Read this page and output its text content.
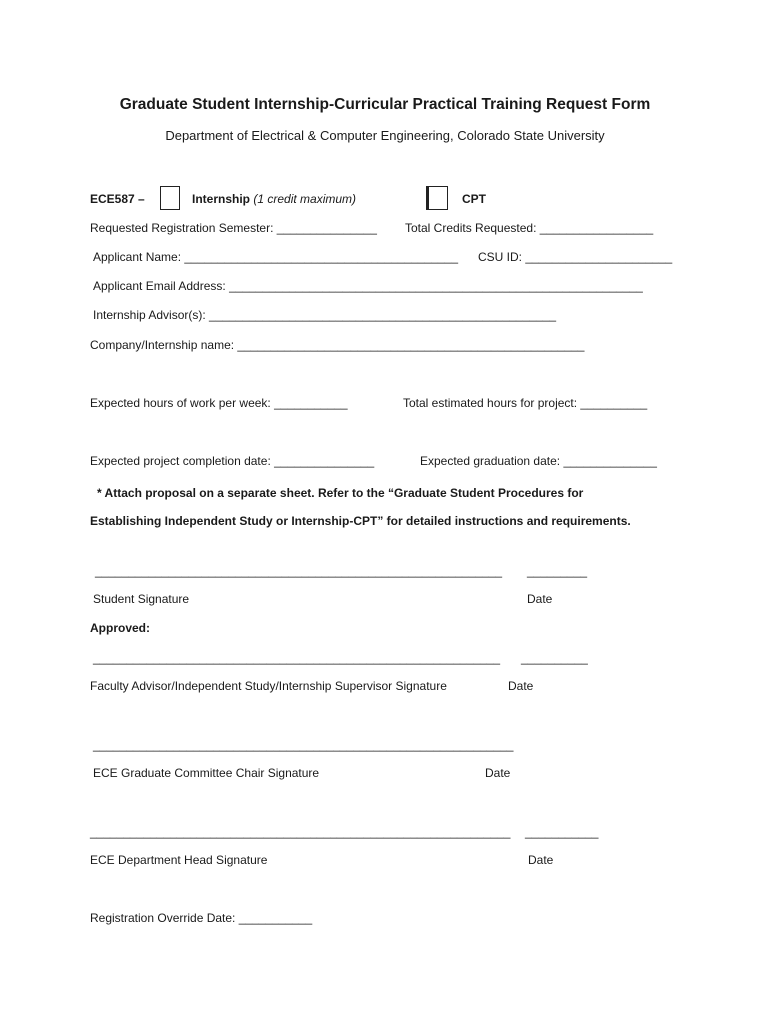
Graduate Student Internship-Curricular Practical Training Request Form
Department of Electrical & Computer Engineering, Colorado State University
ECE587 –	Internship (1 credit maximum)	CPT
Requested Registration Semester: _______________ Total Credits Requested: _________________
Applicant Name: _________________________________________ CSU ID: ______________________
Applicant Email Address: ______________________________________________________________
Internship Advisor(s): ____________________________________________________
Company/Internship name: ____________________________________________________
Expected hours of work per week: ___________	Total estimated hours for project: __________
Expected project completion date: _______________	Expected graduation date: ______________
* Attach proposal on a separate sheet. Refer to the “Graduate Student Procedures for
Establishing Independent Study or Internship-CPT” for detailed instructions and requirements.
_____________________________________________________________ _________
Student Signature	Date
Approved:
_____________________________________________________________ __________
Faculty Advisor/Independent Study/Internship Supervisor Signature	Date
_______________________________________________________________
ECE Graduate Committee Chair Signature	Date
_______________________________________________________________ ___________
ECE Department Head Signature	Date
Registration Override Date: ___________
